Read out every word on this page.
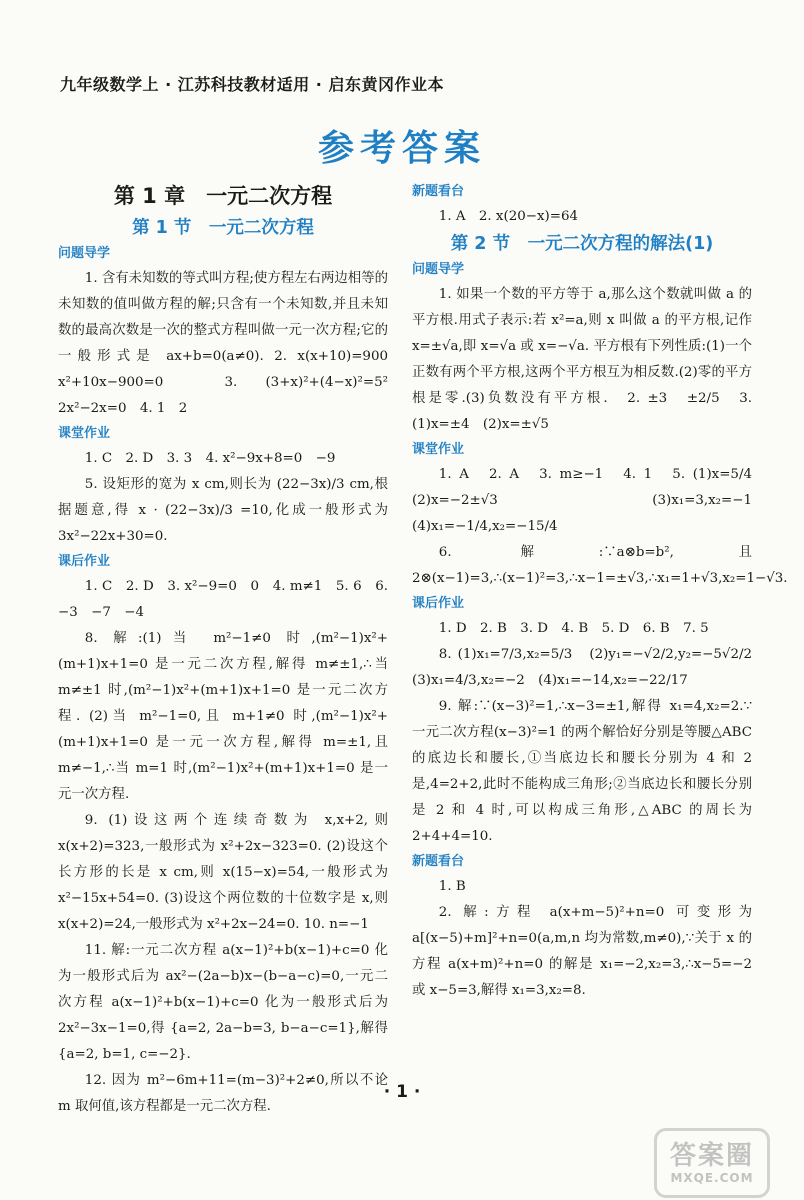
九年级数学上 · 江苏科技教材适用 · 启东黄冈作业本
参考答案
第 1 章　一元二次方程
第 1 节　一元二次方程
问题导学
1. 含有未知数的等式叫方程;使方程左右两边相等的未知数的值叫做方程的解;只含有一个未知数,并且未知数的最高次数是一次的整式方程叫做一元一次方程;它的一般形式是 ax+b=0(a≠0). 2. x(x+10)=900　x²+10x−900=0　3. (3+x)²+(4−x)²=5²　2x²−2x=0　4. 1　2
课堂作业
1. C　2. D　3. 3　4. x²−9x+8=0　−9
5. 设矩形的宽为 x cm,则长为 (22−3x)/3 cm,根据题意,得 x · (22−3x)/3 =10,化成一般形式为 3x²−22x+30=0.
课后作业
1. C　2. D　3. x²−9=0　0　4. m≠1　5. 6　6. −3　−7　−4
8. 解:(1)当 m²−1≠0 时,(m²−1)x²+(m+1)x+1=0 是一元二次方程,解得 m≠±1,∴当 m≠±1 时,(m²−1)x²+(m+1)x+1=0 是一元二次方程. (2)当 m²−1=0,且 m+1≠0 时,(m²−1)x²+(m+1)x+1=0 是一元一次方程,解得 m=±1,且 m≠−1,∴当 m=1 时,(m²−1)x²+(m+1)x+1=0 是一元一次方程.
9. (1)设这两个连续奇数为 x,x+2,则 x(x+2)=323,一般形式为 x²+2x−323=0. (2)设这个长方形的长是 x cm,则 x(15−x)=54,一般形式为 x²−15x+54=0. (3)设这个两位数的十位数字是 x,则 x(x+2)=24,一般形式为 x²+2x−24=0. 10. n=−1
11. 解:一元二次方程 a(x−1)²+b(x−1)+c=0 化为一般形式后为 ax²−(2a−b)x−(b−a−c)=0,一元二次方程 a(x−1)²+b(x−1)+c=0 化为一般形式后为 2x²−3x−1=0,得 {a=2, 2a−b=3, b−a−c=1},解得 {a=2, b=1, c=−2}.
12. 因为 m²−6m+11=(m−3)²+2≠0,所以不论 m 取何值,该方程都是一元二次方程.
新题看台
1. A　2. x(20−x)=64
第 2 节　一元二次方程的解法(1)
问题导学
1. 如果一个数的平方等于 a,那么这个数就叫做 a 的平方根.用式子表示:若 x²=a,则 x 叫做 a 的平方根,记作 x=±√a,即 x=√a 或 x=−√a. 平方根有下列性质:(1)一个正数有两个平方根,这两个平方根互为相反数.(2)零的平方根是零.(3)负数没有平方根.　2. ±3　±2/5　3. (1)x=±4　(2)x=±√5
课堂作业
1. A　2. A　3. m≥−1　4. 1　5. (1)x=5/4　(2)x=−2±√3　(3)x₁=3,x₂=−1　(4)x₁=−1/4,x₂=−15/4
6. 解:∵a⊗b=b²,且 2⊗(x−1)=3,∴(x−1)²=3,∴x−1=±√3,∴x₁=1+√3,x₂=1−√3.
课后作业
1. D　2. B　3. D　4. B　5. D　6. B　7. 5
8. (1)x₁=7/3,x₂=5/3　(2)y₁=−√2/2,y₂=−5√2/2　(3)x₁=4/3,x₂=−2　(4)x₁=−14,x₂=−22/17
9. 解:∵(x−3)²=1,∴x−3=±1,解得 x₁=4,x₂=2.∵一元二次方程(x−3)²=1 的两个解恰好分别是等腰△ABC 的底边长和腰长,①当底边长和腰长分别为 4 和 2 是,4=2+2,此时不能构成三角形;②当底边长和腰长分别是 2 和 4 时,可以构成三角形,△ABC 的周长为 2+4+4=10.
新题看台
1. B
2. 解:方程 a(x+m−5)²+n=0 可变形为 a[(x−5)+m]²+n=0(a,m,n 均为常数,m≠0),∵关于 x 的方程 a(x+m)²+n=0 的解是 x₁=−2,x₂=3,∴x−5=−2 或 x−5=3,解得 x₁=3,x₂=8.
· 1 ·
答案圈
MXQE.COM
